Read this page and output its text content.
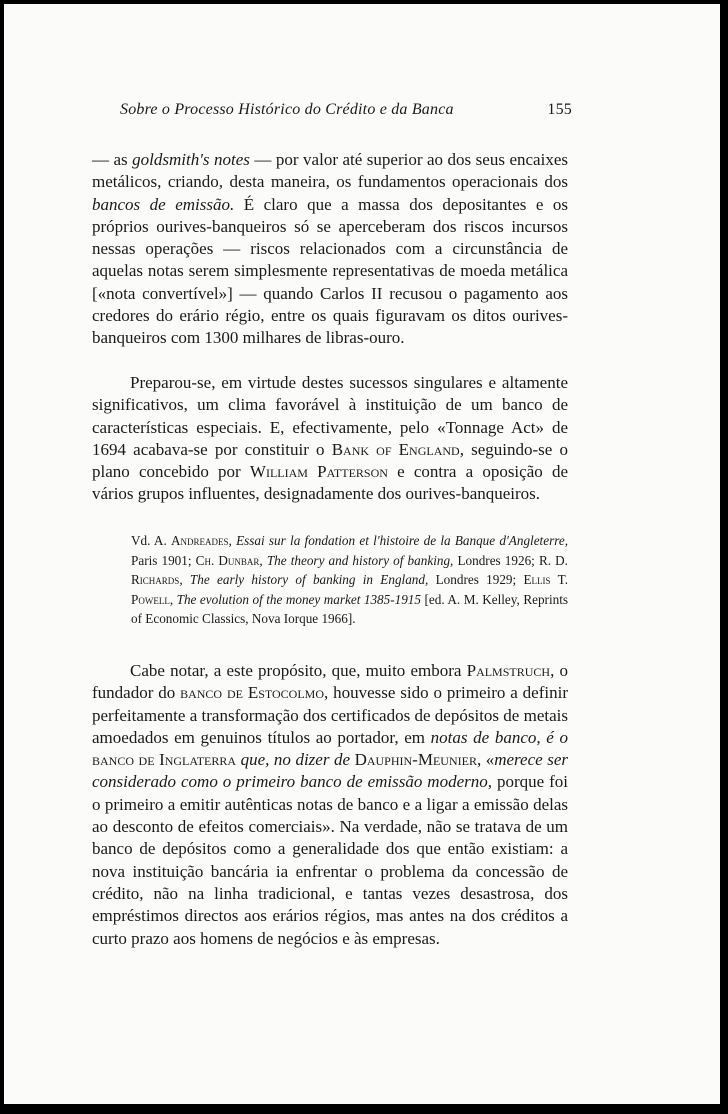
Sobre o Processo Histórico do Crédito e da Banca	155

— as goldsmith's notes — por valor até superior ao dos seus encaixes metálicos, criando, desta maneira, os fundamentos operacionais dos bancos de emissão. É claro que a massa dos depositantes e os próprios ourives-banqueiros só se aperceberam dos riscos incursos nessas operações — riscos relacionados com a circunstância de aquelas notas serem simplesmente representativas de moeda metálica [«nota convertível»] — quando Carlos II recusou o pagamento aos credores do erário régio, entre os quais figuravam os ditos ourives-banqueiros com 1300 milhares de libras-ouro.

Preparou-se, em virtude destes sucessos singulares e altamente significativos, um clima favorável à instituição de um banco de características especiais. E, efectivamente, pelo «Tonnage Act» de 1694 acabava-se por constituir o Bank of England, seguindo-se o plano concebido por William Patterson e contra a oposição de vários grupos influentes, designadamente dos ourives-banqueiros.

Vd. A. Andreades, Essai sur la fondation et l'histoire de la Banque d'Angleterre, Paris 1901; Ch. Dunbar, The theory and history of banking, Londres 1926; R. D. Richards, The early history of banking in England, Londres 1929; Ellis T. Powell, The evolution of the money market 1385-1915 [ed. A. M. Kelley, Reprints of Economic Classics, Nova Iorque 1966].

Cabe notar, a este propósito, que, muito embora Palmstruch, o fundador do banco de Estocolmo, houvesse sido o primeiro a definir perfeitamente a transformação dos certificados de depósitos de metais amoedados em genuinos títulos ao portador, em notas de banco, é o banco de Inglaterra que, no dizer de Dauphin-Meunier, «merece ser considerado como o primeiro banco de emissão moderno, porque foi o primeiro a emitir autênticas notas de banco e a ligar a emissão delas ao desconto de efeitos comerciais». Na verdade, não se tratava de um banco de depósitos como a generalidade dos que então existiam: a nova instituição bancária ia enfrentar o problema da concessão de crédito, não na linha tradicional, e tantas vezes desastrosa, dos empréstimos directos aos erários régios, mas antes na dos créditos a curto prazo aos homens de negócios e às empresas.
